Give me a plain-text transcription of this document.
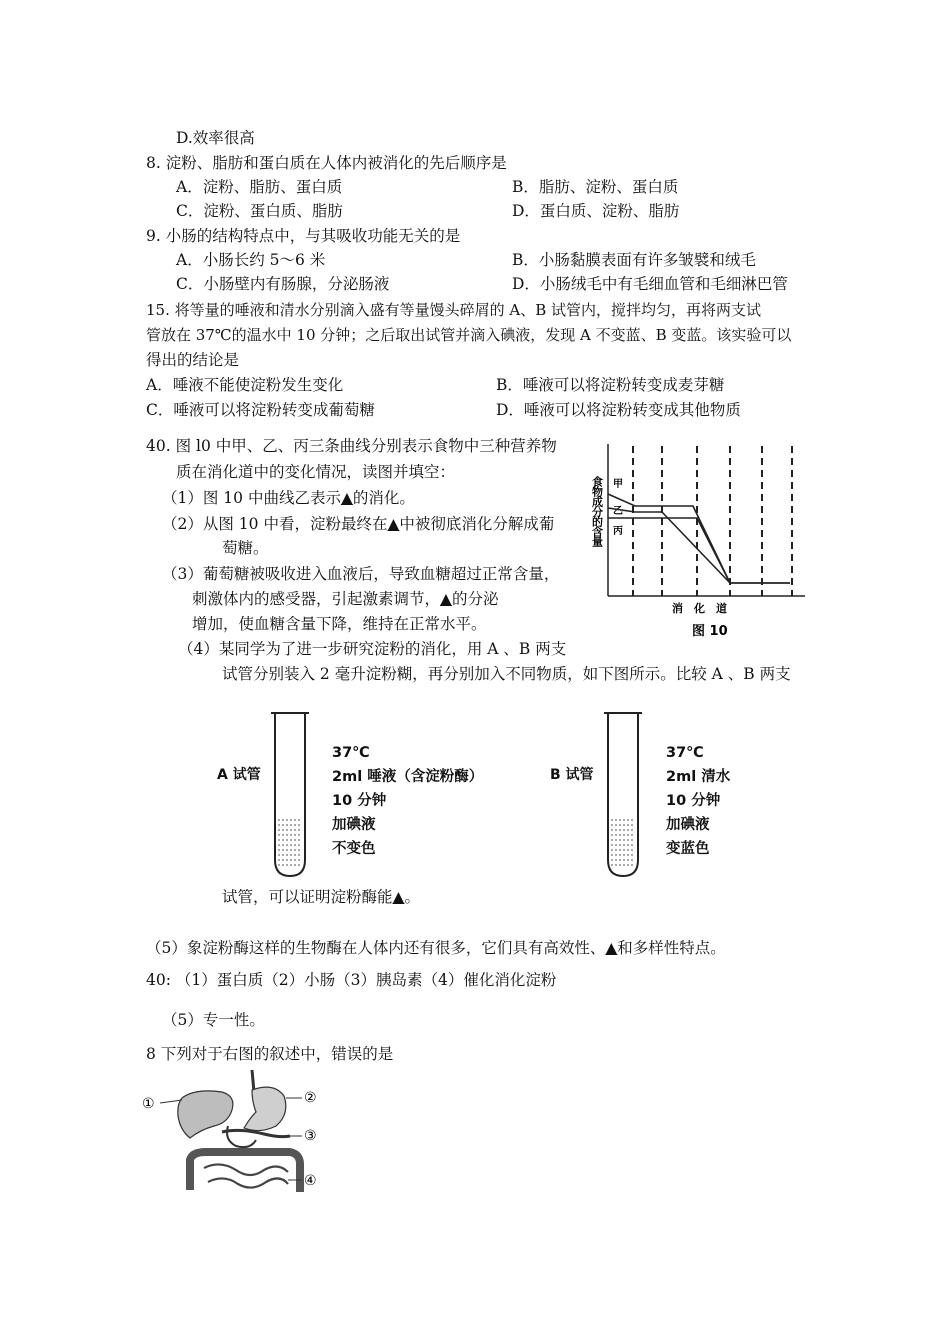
D.效率很高
8. 淀粉、脂肪和蛋白质在人体内被消化的先后顺序是
A．淀粉、脂肪、蛋白质	B．脂肪、淀粉、蛋白质
C．淀粉、蛋白质、脂肪	D．蛋白质、淀粉、脂肪
9. 小肠的结构特点中，与其吸收功能无关的是
A．小肠长约 5～6 米	B．小肠黏膜表面有许多皱襞和绒毛
C．小肠壁内有肠腺，分泌肠液	D．小肠绒毛中有毛细血管和毛细淋巴管
15. 将等量的唾液和清水分别滴入盛有等量馒头碎屑的 A、B 试管内，搅拌均匀，再将两支试
管放在 37℃的温水中 10 分钟；之后取出试管并滴入碘液，发现 A 不变蓝、B 变蓝。该实验可以
得出的结论是
A．唾液不能使淀粉发生变化	B．唾液可以将淀粉转变成麦芽糖
C．唾液可以将淀粉转变成葡萄糖	D．唾液可以将淀粉转变成其他物质
40. 图 l0 中甲、乙、丙三条曲线分别表示食物中三种营养物
质在消化道中的变化情况，读图并填空：
（1）图 10 中曲线乙表示▲的消化。
（2）从图 10 中看，淀粉最终在▲中被彻底消化分解成葡
萄糖。
（3）葡萄糖被吸收进入血液后，导致血糖超过正常含量，
刺激体内的感受器，引起激素调节，▲的分泌
增加，使血糖含量下降，维持在正常水平。
（4）某同学为了进一步研究淀粉的消化，用 A 、B 两支
试管分别装入 2 毫升淀粉糊，再分别加入不同物质，如下图所示。比较 A 、B 两支
食物成分的含量 甲
乙
丙
消　化　道
图 10
A 试管
37℃
2ml 唾液（含淀粉酶）
10 分钟
加碘液
不变色
B 试管
37℃
2ml 清水
10 分钟
加碘液
变蓝色
试管，可以证明淀粉酶能▲。
（5）象淀粉酶这样的生物酶在人体内还有很多，它们具有高效性、▲和多样性特点。
40: （1）蛋白质（2）小肠（3）胰岛素（4）催化消化淀粉
（5）专一性。
8 下列对于右图的叙述中，错误的是
①	②
③
④
